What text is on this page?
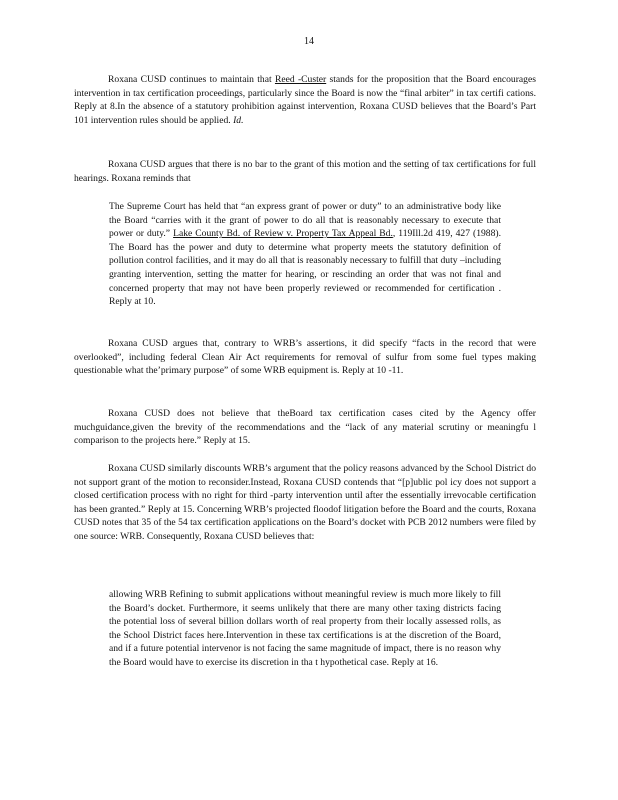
14

Roxana CUSD continues to maintain that Reed -Custer stands for the proposition that the Board encourages intervention in tax certification proceedings, particularly since the Board is now the “final arbiter” in tax certifi cations. Reply at 8.In the absence of a statutory prohibition against intervention, Roxana CUSD believes that the Board’s Part 101 intervention rules should be applied. Id.

Roxana CUSD argues that there is no bar to the grant of this motion and the setting of tax certifications for full hearings. Roxana reminds that

The Supreme Court has held that “an express grant of power or duty” to an administrative body like the Board “carries with it the grant of power to do all that is reasonably necessary to execute that power or duty.” Lake County Bd. of Review v. Property Tax Appeal Bd., 119Ill.2d 419, 427 (1988). The Board has the power and duty to determine what property meets the statutory definition of pollution control facilities, and it may do all that is reasonably necessary to fulfill that duty –including granting intervention, setting the matter for hearing, or rescinding an order that was not final and concerned property that may not have been properly reviewed or recommended for certification . Reply at 10.

Roxana CUSD argues that, contrary to WRB’s assertions, it did specify “facts in the record that were overlooked”, including federal Clean Air Act requirements for removal of sulfur from some fuel types making questionable what the’primary purpose” of some WRB equipment is. Reply at 10 -11.

Roxana CUSD does not believe that theBoard tax certification cases cited by the Agency offer muchguidance,given the brevity of the recommendations and the “lack of any material scrutiny or meaningfu l comparison to the projects here.” Reply at 15.

Roxana CUSD similarly discounts WRB’s argument that the policy reasons advanced by the School District do not support grant of the motion to reconsider.Instead, Roxana CUSD contends that “[p]ublic pol icy does not support a closed certification process with no right for third -party intervention until after the essentially irrevocable certification has been granted.” Reply at 15. Concerning WRB’s projected floodof litigation before the Board and the courts, Roxana CUSD notes that 35 of the 54 tax certification applications on the Board’s docket with PCB 2012 numbers were filed by one source: WRB. Consequently, Roxana CUSD believes that:

allowing WRB Refining to submit applications without meaningful review is much more likely to fill the Board’s docket. Furthermore, it seems unlikely that there are many other taxing districts facing the potential loss of several billion dollars worth of real property from their locally assessed rolls, as the School District faces here.Intervention in these tax certifications is at the discretion of the Board, and if a future potential intervenor is not facing the same magnitude of impact, there is no reason why the Board would have to exercise its discretion in tha t hypothetical case. Reply at 16.
